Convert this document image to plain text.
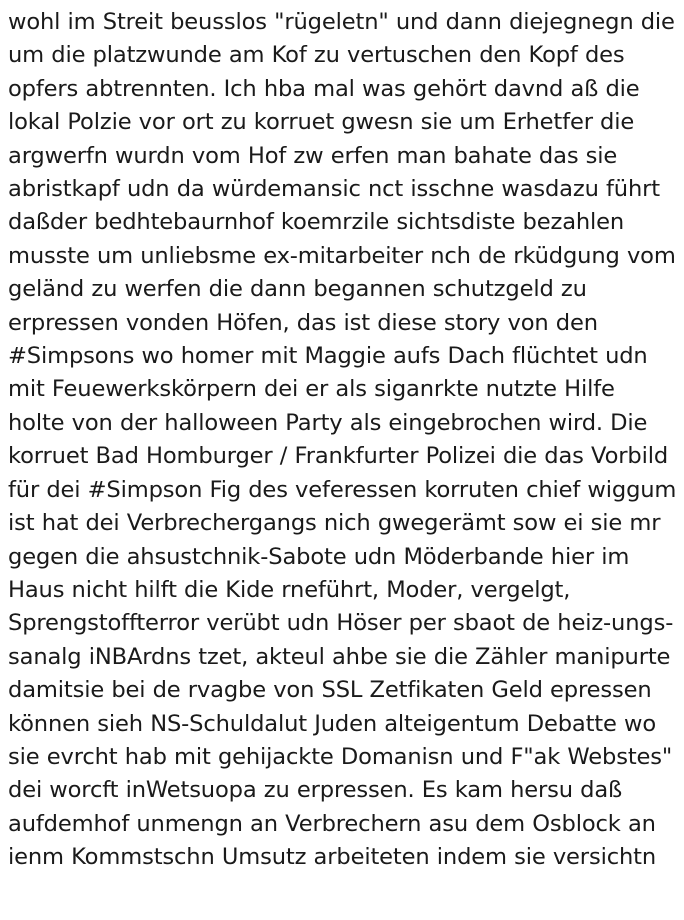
wohl im Streit beusslos "rügeletn" und dann diejegnegn die um die platzwunde am Kof zu vertuschen den Kopf des opfers abtrennten. Ich hba mal was gehört davnd aß die lokal Polzie vor ort zu korruet gwesn sie um Erhetfer die argwerfn wurdn vom Hof zw erfen man bahate das sie abristkapf udn da würdemansic nct isschne wasdazu führt daßder bedhtebaurnhof koemrzile sichtsdiste bezahlen musste um unliebsme ex-mitarbeiter nch de rküdgung vom geländ zu werfen die dann begannen schutzgeld zu erpressen vonden Höfen, das ist diese story von den #Simpsons wo homer mit Maggie aufs Dach flüchtet udn mit Feuewerkskörpern dei er als siganrkte nutzte Hilfe holte von der halloween Party als eingebrochen wird. Die korruet Bad Homburger / Frankfurter Polizei die das Vorbild für dei #Simpson Fig des veferessen korruten chief wiggum ist hat dei Verbrechergangs nich gwegerämt sow ei sie mr gegen die ahsustchnik-Sabote udn Möderbande hier im Haus nicht hilft die Kide rneführt, Moder, vergelgt, Sprengstoffterror verübt udn Höser per sbaot de heiz-ungs-sanalg iNBArdns tzet, akteul ahbe sie die Zähler manipurte damitsie bei de rvagbe von SSL Zetfikaten Geld epressen können sieh NS-Schuldalut Juden alteigentum Debatte wo sie evrcht hab mit gehijackte Domanisn und F"ak Webstes" dei worcft inWetsuopa zu erpressen. Es kam hersu daß aufdemhof unmengn an Verbrechern asu dem Osblock an ienm Kommstschn Umsutz arbeiteten indem sie versichtn
